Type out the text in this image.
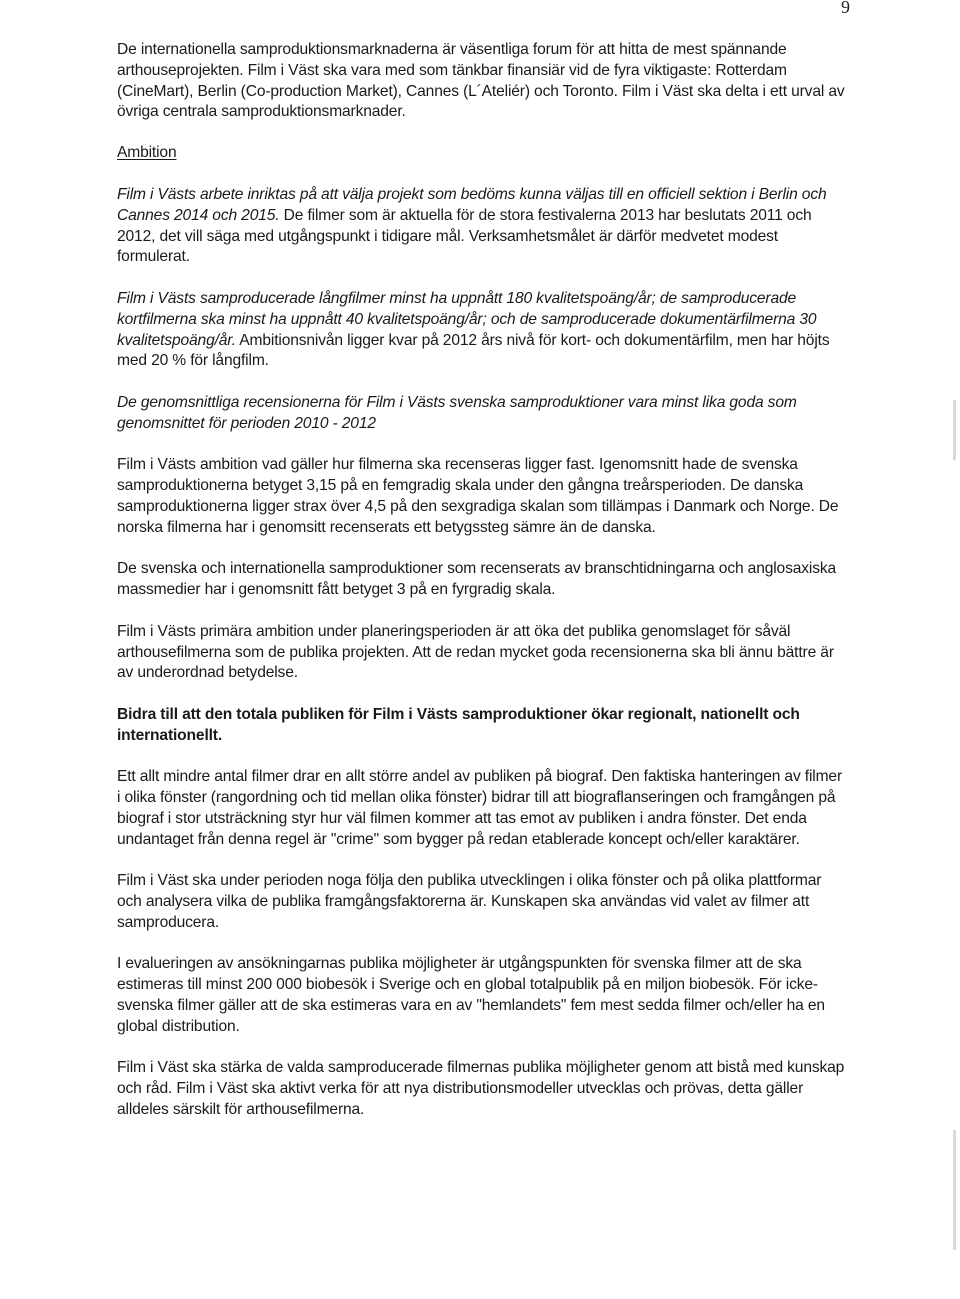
9

De internationella samproduktionsmarknaderna är väsentliga forum för att hitta de mest spännande arthouseprojekten. Film i Väst ska vara med som tänkbar finansiär vid de fyra viktigaste: Rotterdam (CineMart), Berlin (Co-production Market), Cannes (L´Ateliér) och Toronto. Film i Väst ska delta i ett urval av övriga centrala samproduktionsmarknader.

Ambition

Film i Västs arbete inriktas på att välja projekt som bedöms kunna väljas till en officiell sektion i Berlin och Cannes 2014 och 2015. De filmer som är aktuella för de stora festivalerna 2013 har beslutats 2011 och 2012, det vill säga med utgångspunkt i tidigare mål. Verksamhetsmålet är därför medvetet modest formulerat.

Film i Västs samproducerade långfilmer minst ha uppnått 180 kvalitetspoäng/år; de samproducerade kortfilmerna ska minst ha uppnått 40 kvalitetspoäng/år; och de samproducerade dokumentärfilmerna 30 kvalitetspoäng/år. Ambitionsnivån ligger kvar på 2012 års nivå för kort- och dokumentärfilm, men har höjts med 20 % för långfilm.

De genomsnittliga recensionerna för Film i Västs svenska samproduktioner vara minst lika goda som genomsnittet för perioden 2010 - 2012

Film i Västs ambition vad gäller hur filmerna ska recenseras ligger fast. Igenomsnitt hade de svenska samproduktionerna betyget 3,15 på en femgradig skala under den gångna treårsperioden. De danska samproduktionerna ligger strax över 4,5 på den sexgradiga skalan som tillämpas i Danmark och Norge. De norska filmerna har i genomsitt recenserats ett betygssteg sämre än de danska.

De svenska och internationella samproduktioner som recenserats av branschtidningarna och anglosaxiska massmedier har i genomsnitt fått betyget 3 på en fyrgradig skala.

Film i Västs primära ambition under planeringsperioden är att öka det publika genomslaget för såväl arthousefilmerna som de publika projekten. Att de redan mycket goda recensionerna ska bli ännu bättre är av underordnad betydelse.

Bidra till att den totala publiken för Film i Västs samproduktioner ökar regionalt, nationellt och internationellt.

Ett allt mindre antal filmer drar en allt större andel av publiken på biograf. Den faktiska hanteringen av filmer i olika fönster (rangordning och tid mellan olika fönster) bidrar till att biograflanseringen och framgången på biograf i stor utsträckning styr hur väl filmen kommer att tas emot av publiken i andra fönster. Det enda undantaget från denna regel är "crime" som bygger på redan etablerade koncept och/eller karaktärer.

Film i Väst ska under perioden noga följa den publika utvecklingen i olika fönster och på olika plattformar och analysera vilka de publika framgångsfaktorerna är. Kunskapen ska användas vid valet av filmer att samproducera.

I evalueringen av ansökningarnas publika möjligheter är utgångspunkten för svenska filmer att de ska estimeras till minst 200 000 biobesök i Sverige och en global totalpublik på en miljon biobesök. För icke-svenska filmer gäller att de ska estimeras vara en av "hemlandets" fem mest sedda filmer och/eller ha en global distribution.

Film i Väst ska stärka de valda samproducerade filmernas publika möjligheter genom att bistå med kunskap och råd. Film i Väst ska aktivt verka för att nya distributionsmodeller utvecklas och prövas, detta gäller alldeles särskilt för arthousefilmerna.
